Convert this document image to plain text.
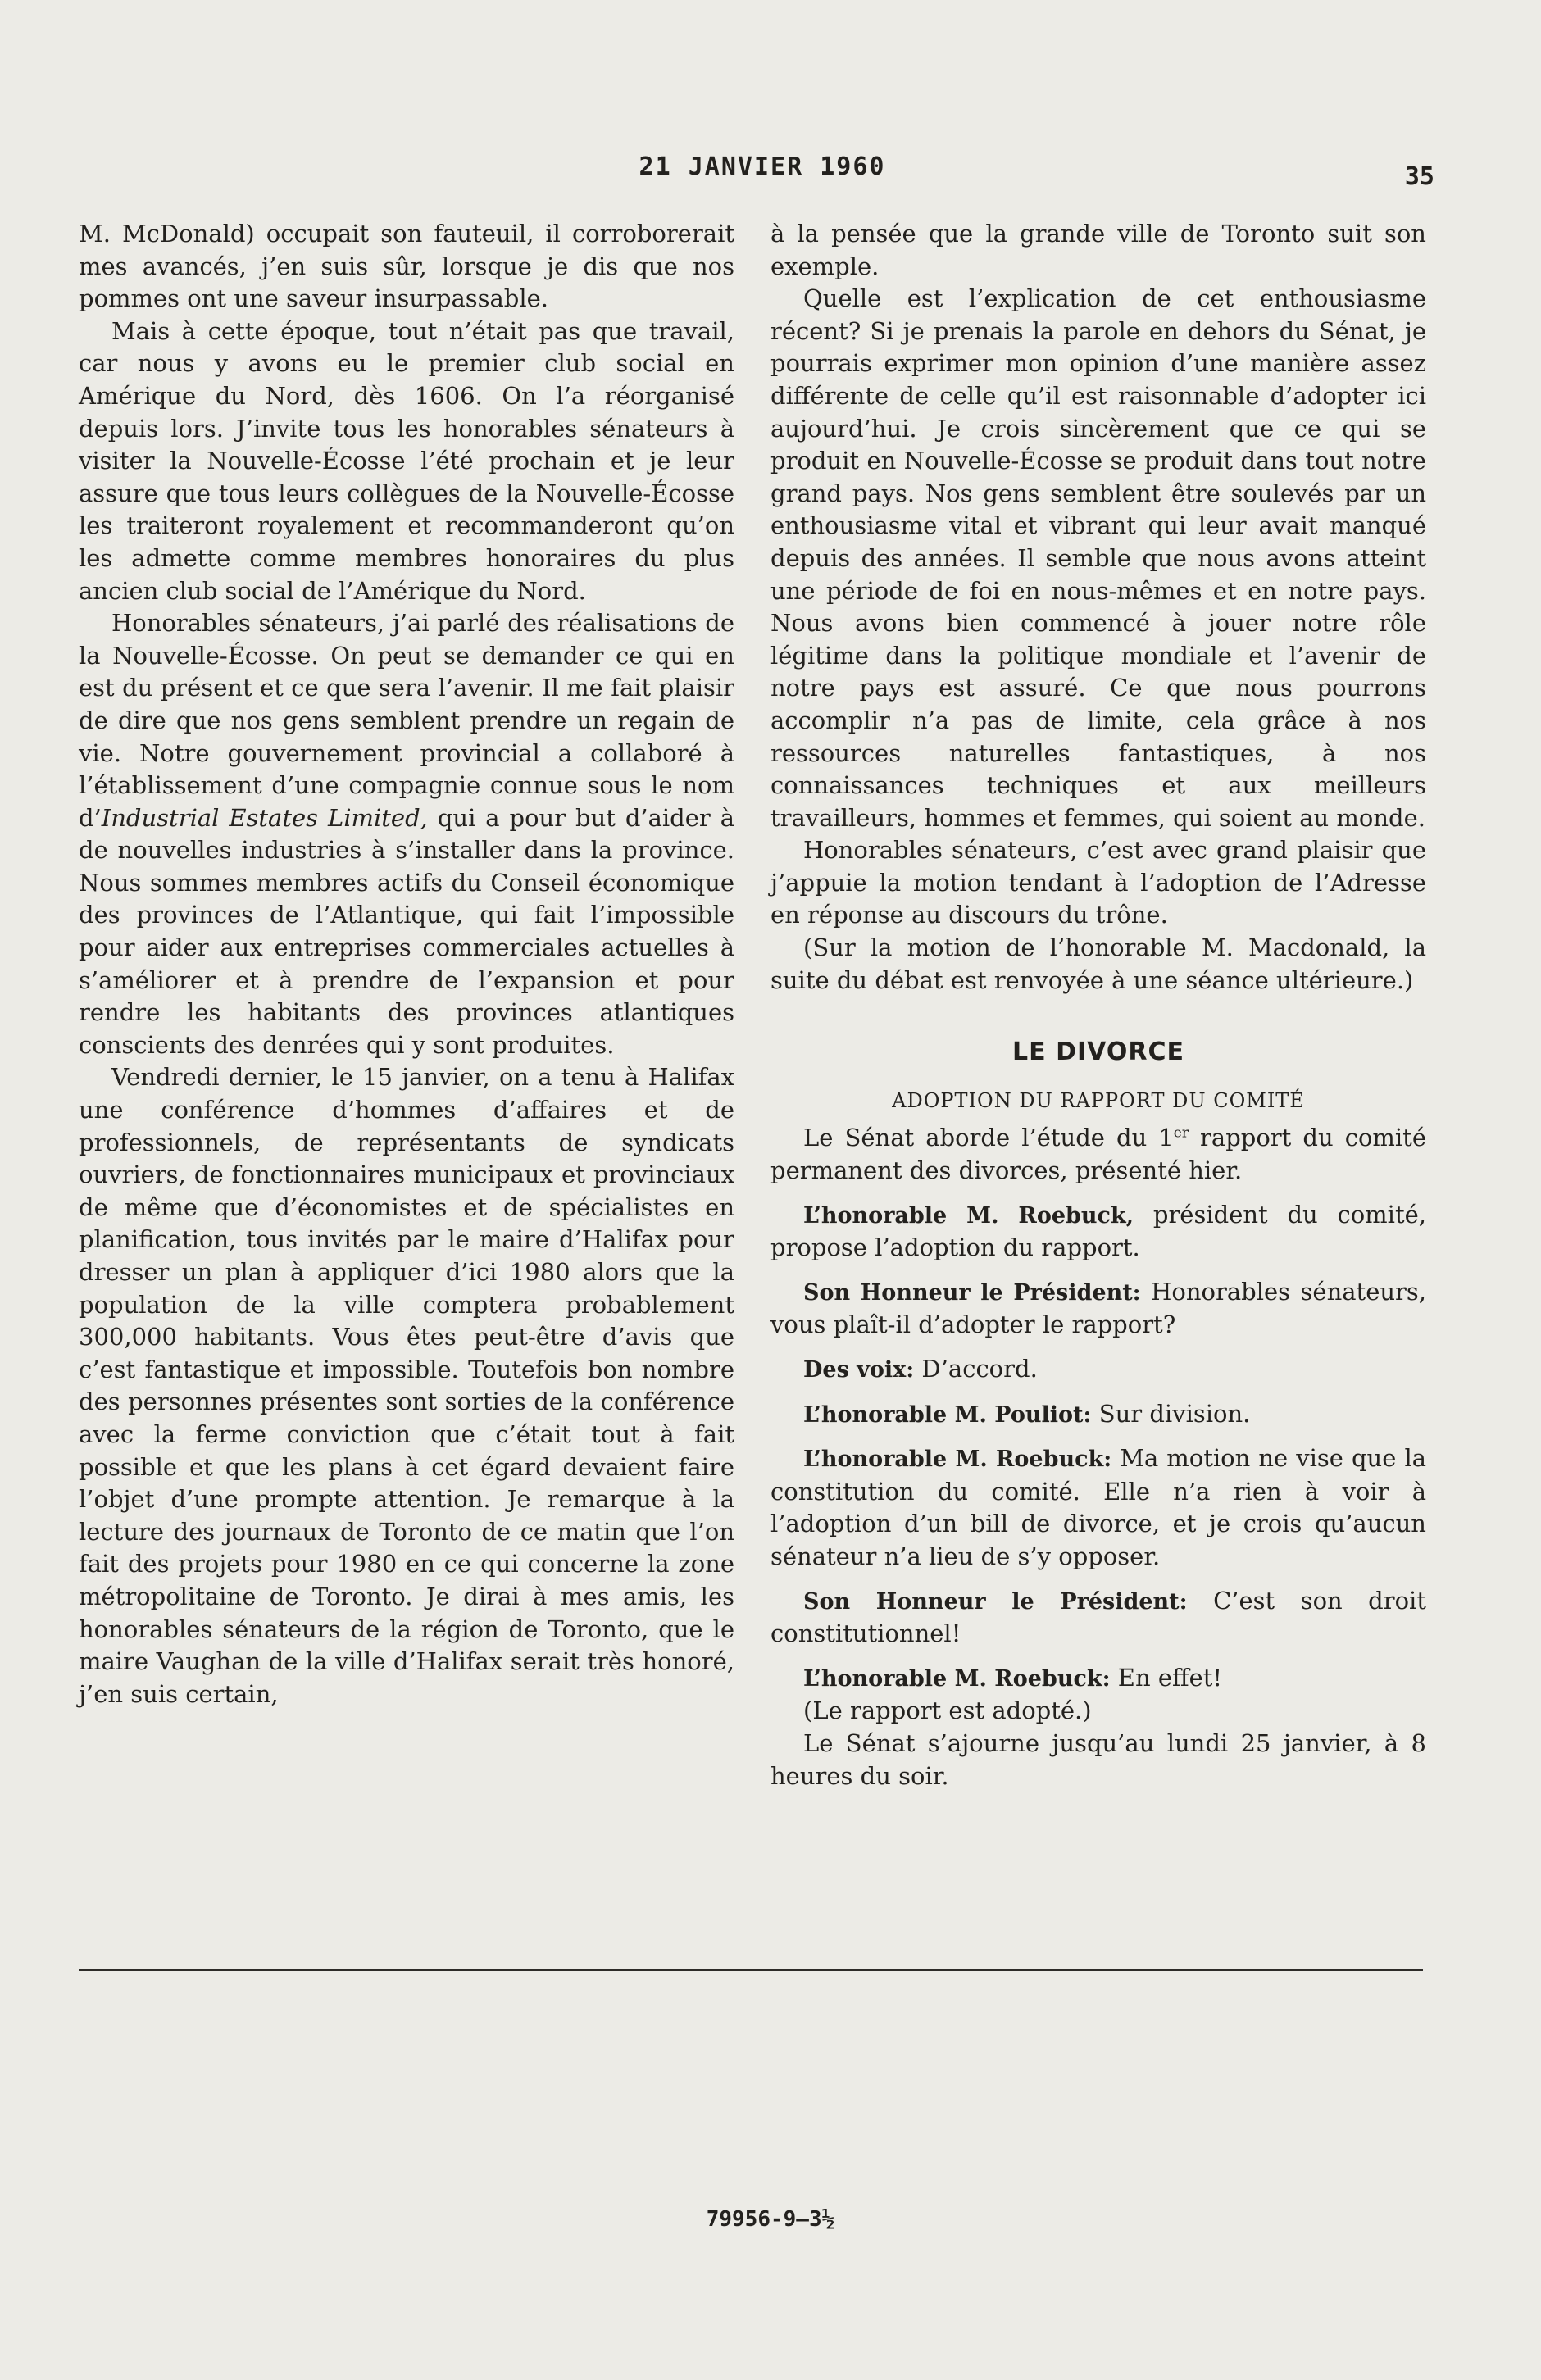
21 JANVIER 1960	35

M. McDonald) occupait son fauteuil, il corroborerait mes avancés, j’en suis sûr, lorsque je dis que nos pommes ont une saveur insurpassable.

Mais à cette époque, tout n’était pas que travail, car nous y avons eu le premier club social en Amérique du Nord, dès 1606. On l’a réorganisé depuis lors. J’invite tous les honorables sénateurs à visiter la Nouvelle-Écosse l’été prochain et je leur assure que tous leurs collègues de la Nouvelle-Écosse les traiteront royalement et recommanderont qu’on les admette comme membres honoraires du plus ancien club social de l’Amérique du Nord.

Honorables sénateurs, j’ai parlé des réalisations de la Nouvelle-Écosse. On peut se demander ce qui en est du présent et ce que sera l’avenir. Il me fait plaisir de dire que nos gens semblent prendre un regain de vie. Notre gouvernement provincial a collaboré à l’établissement d’une compagnie connue sous le nom d’Industrial Estates Limited, qui a pour but d’aider à de nouvelles industries à s’installer dans la province. Nous sommes membres actifs du Conseil économique des provinces de l’Atlantique, qui fait l’impossible pour aider aux entreprises commerciales actuelles à s’améliorer et à prendre de l’expansion et pour rendre les habitants des provinces atlantiques conscients des denrées qui y sont produites.

Vendredi dernier, le 15 janvier, on a tenu à Halifax une conférence d’hommes d’affaires et de professionnels, de représentants de syndicats ouvriers, de fonctionnaires municipaux et provinciaux de même que d’économistes et de spécialistes en planification, tous invités par le maire d’Halifax pour dresser un plan à appliquer d’ici 1980 alors que la population de la ville comptera probablement 300,000 habitants. Vous êtes peut-être d’avis que c’est fantastique et impossible. Toutefois bon nombre des personnes présentes sont sorties de la conférence avec la ferme conviction que c’était tout à fait possible et que les plans à cet égard devaient faire l’objet d’une prompte attention. Je remarque à la lecture des journaux de Toronto de ce matin que l’on fait des projets pour 1980 en ce qui concerne la zone métropolitaine de Toronto. Je dirai à mes amis, les honorables sénateurs de la région de Toronto, que le maire Vaughan de la ville d’Halifax serait très honoré, j’en suis certain,

à la pensée que la grande ville de Toronto suit son exemple.

Quelle est l’explication de cet enthousiasme récent? Si je prenais la parole en dehors du Sénat, je pourrais exprimer mon opinion d’une manière assez différente de celle qu’il est raisonnable d’adopter ici aujourd’hui. Je crois sincèrement que ce qui se produit en Nouvelle-Écosse se produit dans tout notre grand pays. Nos gens semblent être soulevés par un enthousiasme vital et vibrant qui leur avait manqué depuis des années. Il semble que nous avons atteint une période de foi en nous-mêmes et en notre pays. Nous avons bien commencé à jouer notre rôle légitime dans la politique mondiale et l’avenir de notre pays est assuré. Ce que nous pourrons accomplir n’a pas de limite, cela grâce à nos ressources naturelles fantastiques, à nos connaissances techniques et aux meilleurs travailleurs, hommes et femmes, qui soient au monde.

Honorables sénateurs, c’est avec grand plaisir que j’appuie la motion tendant à l’adoption de l’Adresse en réponse au discours du trône.

(Sur la motion de l’honorable M. Macdonald, la suite du débat est renvoyée à une séance ultérieure.)

LE DIVORCE
ADOPTION DU RAPPORT DU COMITÉ

Le Sénat aborde l’étude du 1er rapport du comité permanent des divorces, présenté hier.

L’honorable M. Roebuck, président du comité, propose l’adoption du rapport.

Son Honneur le Président: Honorables sénateurs, vous plaît-il d’adopter le rapport?

Des voix: D’accord.

L’honorable M. Pouliot: Sur division.

L’honorable M. Roebuck: Ma motion ne vise que la constitution du comité. Elle n’a rien à voir à l’adoption d’un bill de divorce, et je crois qu’aucun sénateur n’a lieu de s’y opposer.

Son Honneur le Président: C’est son droit constitutionnel!

L’honorable M. Roebuck: En effet!

(Le rapport est adopté.)

Le Sénat s’ajourne jusqu’au lundi 25 janvier, à 8 heures du soir.

79956-9—3½
